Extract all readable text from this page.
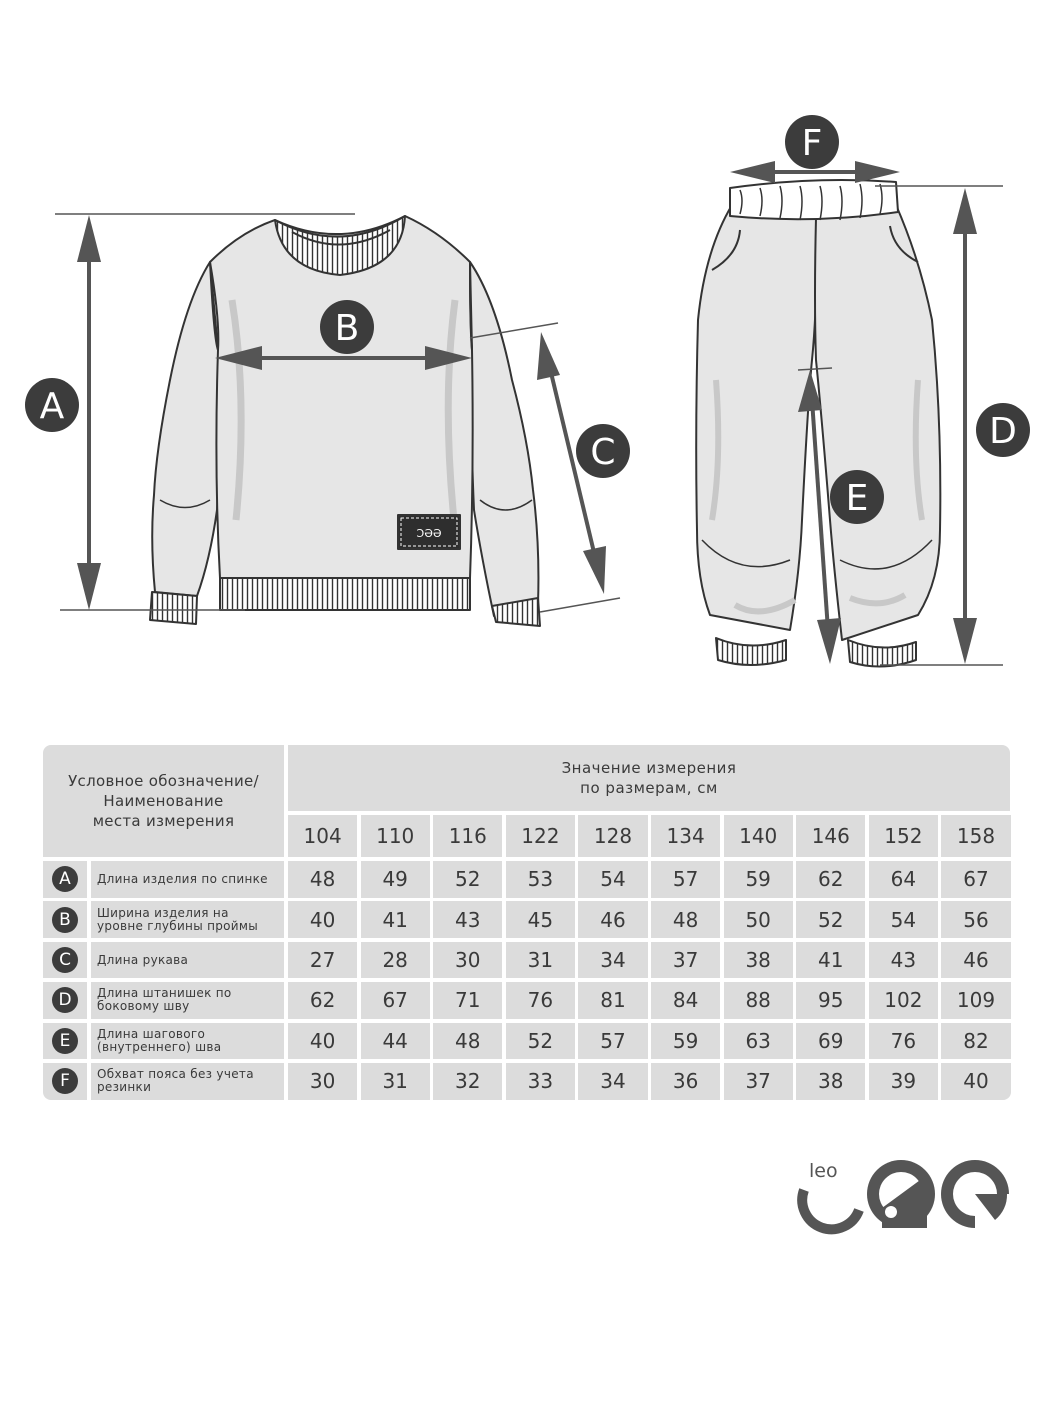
ꓛƏƏ
A
B
C
D
E
F
Условное обозначение/
Наименование
места измерения
Значение измерения
по размерам, см
104	110	116	122	128	134	140	146	152	158
A	Длина изделия по спинке	48	49	52	53	54	57	59	62	64	67
B	Ширина изделия на
уровне глубины проймы	40	41	43	45	46	48	50	52	54	56
C	Длина рукава	27	28	30	31	34	37	38	41	43	46
D	Длина штанишек по
боковому шву	62	67	71	76	81	84	88	95	102	109
E	Длина шагового
(внутреннего) шва	40	44	48	52	57	59	63	69	76	82
F	Обхват пояса без учета
резинки	30	31	32	33	34	36	37	38	39	40
leo
